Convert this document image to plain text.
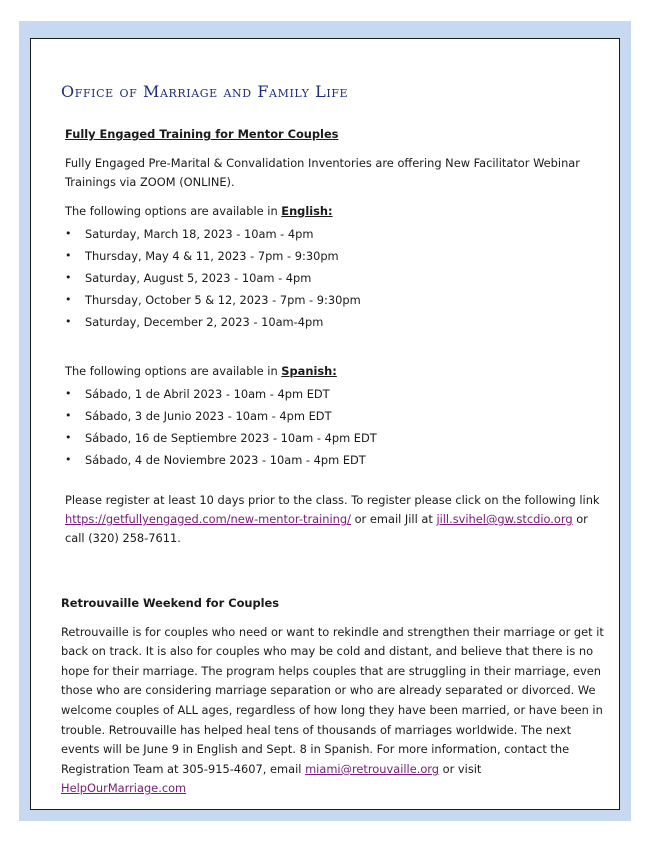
Office of Marriage and Family Life

Fully Engaged Training for Mentor Couples

Fully Engaged Pre-Marital & Convalidation Inventories are offering New Facilitator Webinar Trainings via ZOOM (ONLINE).

The following options are available in English:

• Saturday, March 18, 2023 - 10am - 4pm
• Thursday, May 4 & 11, 2023 - 7pm - 9:30pm
• Saturday, August 5, 2023 - 10am - 4pm
• Thursday, October 5 & 12, 2023 - 7pm - 9:30pm
• Saturday, December 2, 2023 - 10am-4pm

The following options are available in Spanish:

• Sábado, 1 de Abril 2023 - 10am - 4pm EDT
• Sábado, 3 de Junio 2023 - 10am - 4pm EDT
• Sábado, 16 de Septiembre 2023 - 10am - 4pm EDT
• Sábado, 4 de Noviembre 2023 - 10am - 4pm EDT

Please register at least 10 days prior to the class. To register please click on the following link https://getfullyengaged.com/new-mentor-training/ or email Jill at jill.svihel@gw.stcdio.org or call (320) 258-7611.

Retrouvaille Weekend for Couples

Retrouvaille is for couples who need or want to rekindle and strengthen their marriage or get it back on track. It is also for couples who may be cold and distant, and believe that there is no hope for their marriage. The program helps couples that are struggling in their marriage, even those who are considering marriage separation or who are already separated or divorced. We welcome couples of ALL ages, regardless of how long they have been married, or have been in trouble. Retrouvaille has helped heal tens of thousands of marriages worldwide. The next events will be June 9 in English and Sept. 8 in Spanish. For more information, contact the Registration Team at 305-915-4607, email miami@retrouvaille.org or visit HelpOurMarriage.com
